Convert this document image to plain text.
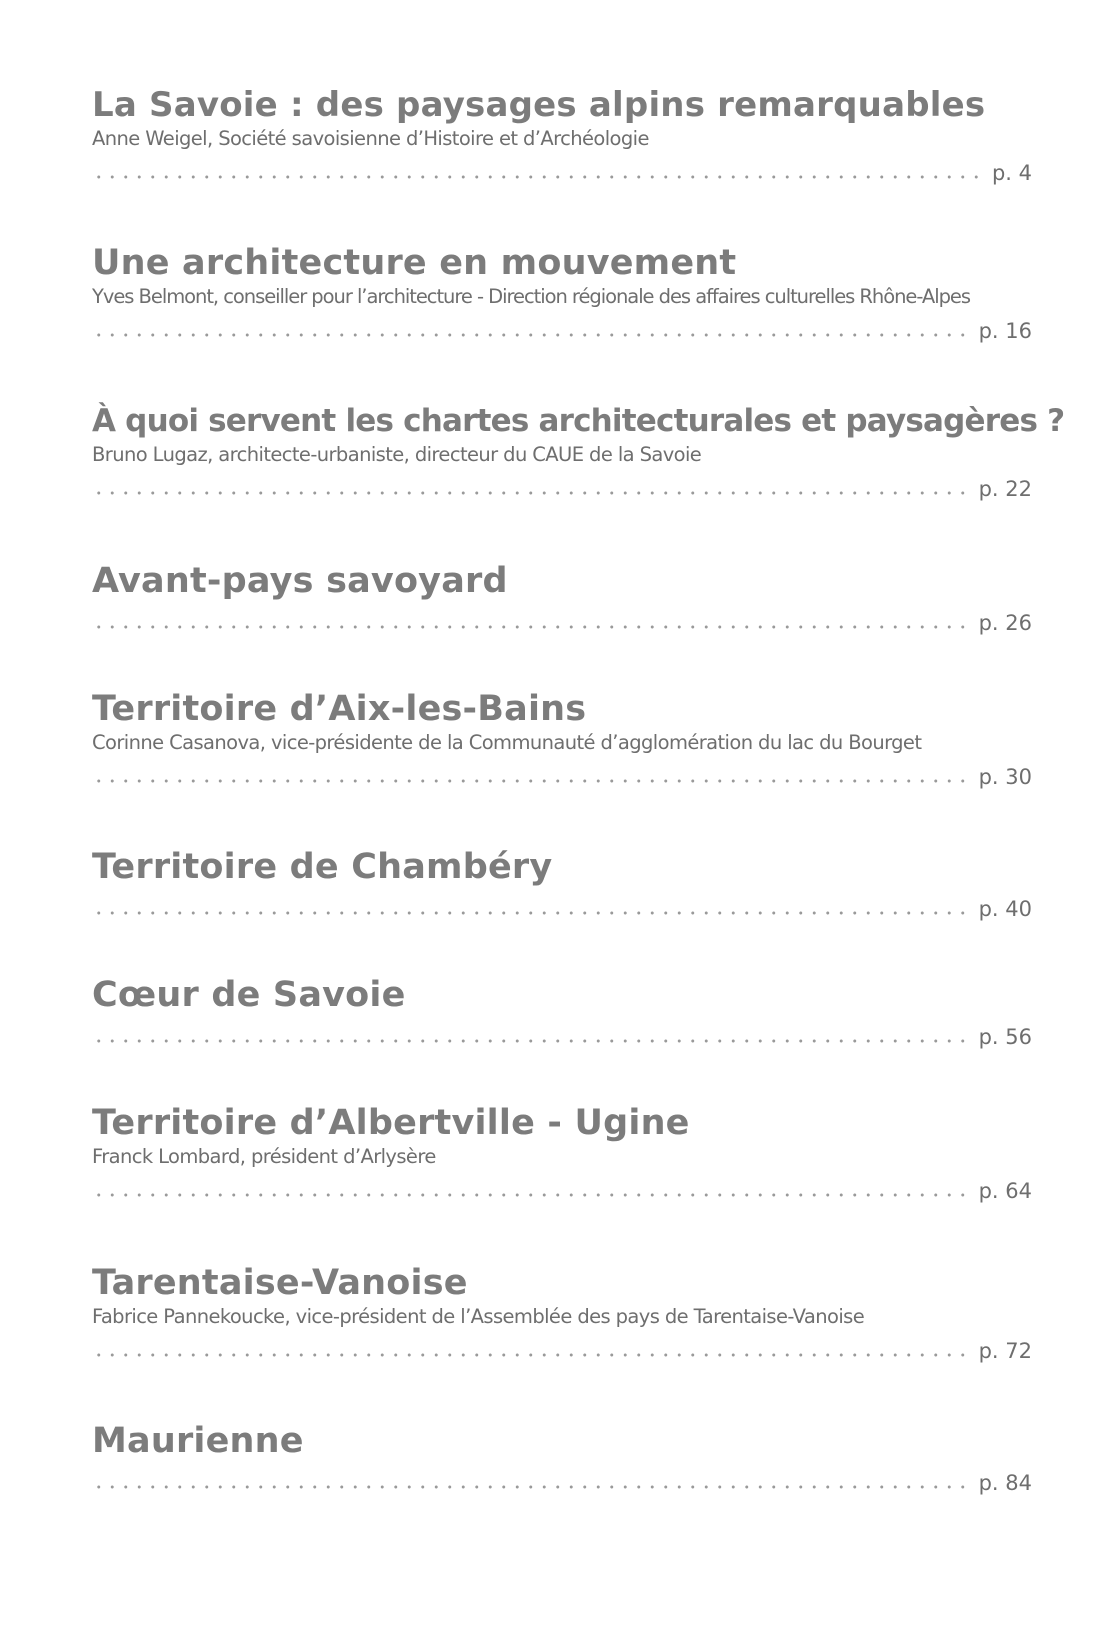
La Savoie : des paysages alpins remarquables

Anne Weigel, Société savoisienne d’Histoire et d’Archéologie

p. 4
Une architecture en mouvement

Yves Belmont, conseiller pour l’architecture - Direction régionale des affaires culturelles Rhône-Alpes

p. 16
À quoi servent les chartes architecturales et paysagères ?

Bruno Lugaz, architecte-urbaniste, directeur du CAUE de la Savoie

p. 22
Avant-pays savoyard
p. 26
Territoire d’Aix-les-Bains

Corinne Casanova, vice-présidente de la Communauté d’agglomération du lac du Bourget

p. 30
Territoire de Chambéry
p. 40
Cœur de Savoie
p. 56
Territoire d’Albertville - Ugine

Franck Lombard, président d’Arlysère

p. 64
Tarentaise-Vanoise

Fabrice Pannekoucke, vice-président de l’Assemblée des pays de Tarentaise-Vanoise

p. 72
Maurienne
p. 84
